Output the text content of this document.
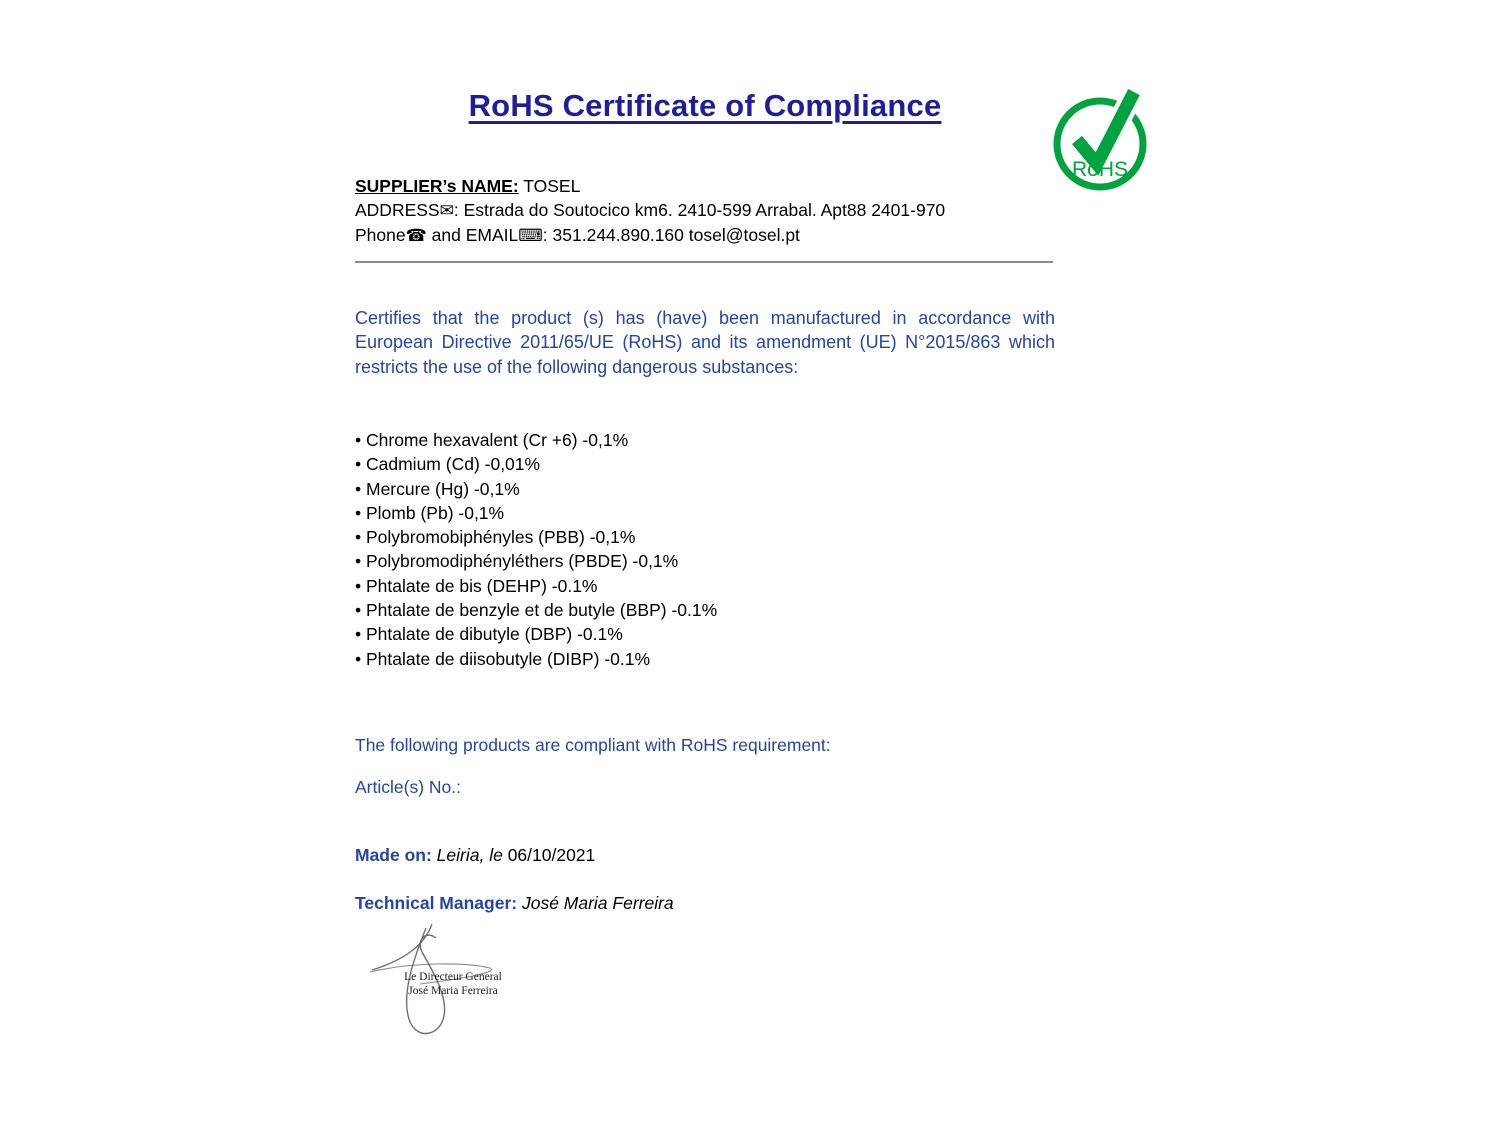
RoHS Certificate of Compliance
RoHS
SUPPLIER’s NAME: TOSEL
ADDRESS✉: Estrada do Soutocico km6. 2410-599 Arrabal. Apt88 2401-970
Phone☎ and EMAIL⌨: 351.244.890.160 tosel@tosel.pt

Certifies that the product (s) has (have) been manufactured in accordance with European Directive 2011/65/UE (RoHS) and its amendment (UE) N°2015/863 which restricts the use of the following dangerous substances:

• Chrome hexavalent (Cr +6) -0,1%
• Cadmium (Cd) -0,01%
• Mercure (Hg) -0,1%
• Plomb (Pb) -0,1%
• Polybromobiphényles (PBB) -0,1%
• Polybromodiphényléthers (PBDE) -0,1%
• Phtalate de bis (DEHP) -0.1%
• Phtalate de benzyle et de butyle (BBP) -0.1%
• Phtalate de dibutyle (DBP) -0.1%
• Phtalate de diisobutyle (DIBP) -0.1%

The following products are compliant with RoHS requirement:

Article(s) No.:

Made on: Leiria, le 06/10/2021

Technical Manager: José Maria Ferreira

Le Directeur General
José Maria Ferreira
